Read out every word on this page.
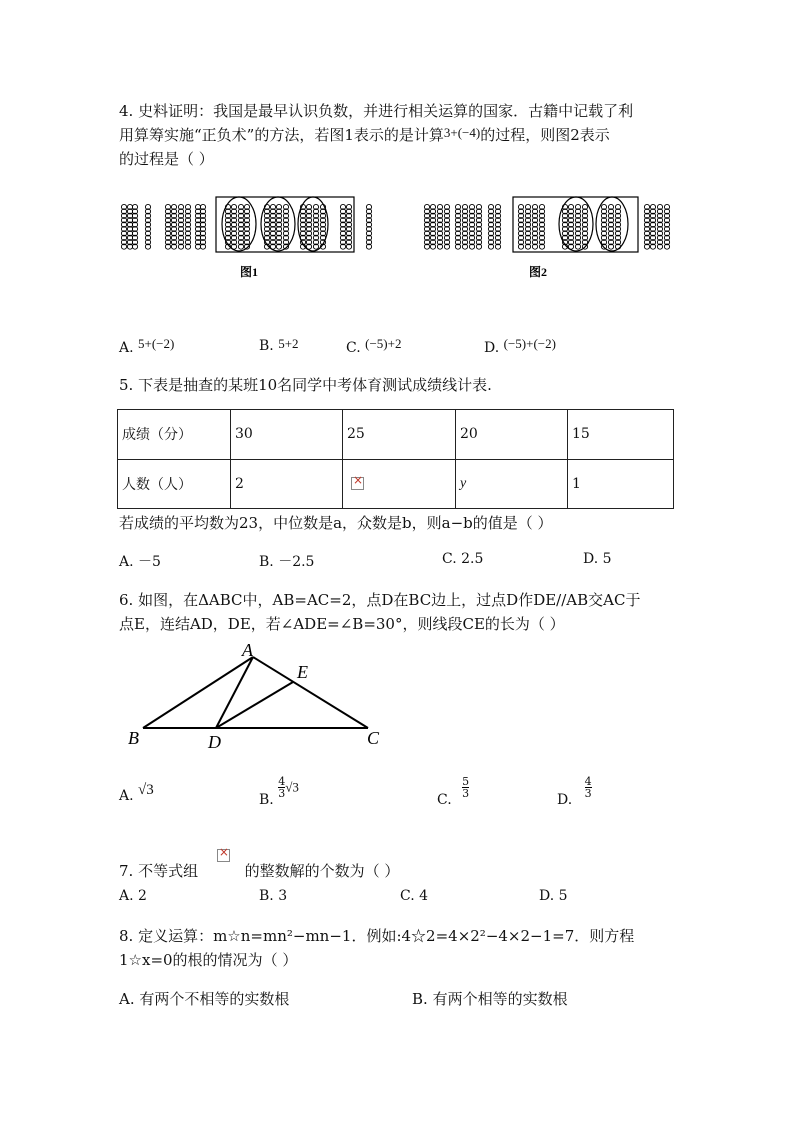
4. 史料证明：我国是最早认识负数，并进行相关运算的国家．古籍中记载了利
用算筹实施“正负术”的方法，若图1表示的是计算3+(−4)的过程，则图2表示
的过程是（ ）
图1	图2
A. 5+(−2)	B. 5+2	C. (−5)+2	D. (−5)+(−2)
5. 下表是抽查的某班10名同学中考体育测试成绩线计表.
成绩（分）	30	25	20	15
人数（人）	2	×	y	1
若成绩的平均数为23，中位数是a，众数是b，则a−b的值是（ ）
A. －5	B. －2.5	C. 2.5	D. 5
6. 如图，在ΔABC中，AB=AC=2，点D在BC边上，过点D作DE//AB交AC于
点E，连结AD，DE，若∠ADE=∠B=30°，则线段CE的长为（ ）
A
E
B	D	C
A. √3
B.
$\frac{4}{3} √3$
C.
$\frac{5}{3}$
D.
$\frac{4}{3}$
7. 不等式组 ×	的整数解的个数为（ ）
A. 2	B. 3	C. 4	D. 5
8. 定义运算：m☆n=mn²−mn−1．例如:4☆2=4×2²−4×2−1=7．则方程
1☆x=0的根的情况为（ ）
A. 有两个不相等的实数根	B. 有两个相等的实数根
